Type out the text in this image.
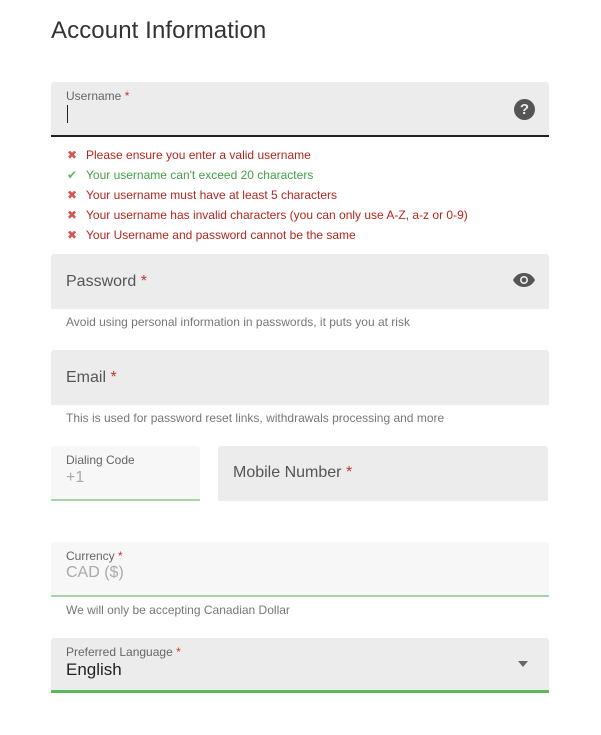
Account Information
Username *
?
✖ Please ensure you enter a valid username
✔ Your username can't exceed 20 characters
✖ Your username must have at least 5 characters
✖ Your username has invalid characters (you can only use A-Z, a-z or 0-9)
✖ Your Username and password cannot be the same
Password *
Avoid using personal information in passwords, it puts you at risk
Email *
This is used for password reset links, withdrawals processing and more
Dialing Code
+1	Mobile Number *
Currency *
CAD ($)
We will only be accepting Canadian Dollar
Preferred Language *
English
